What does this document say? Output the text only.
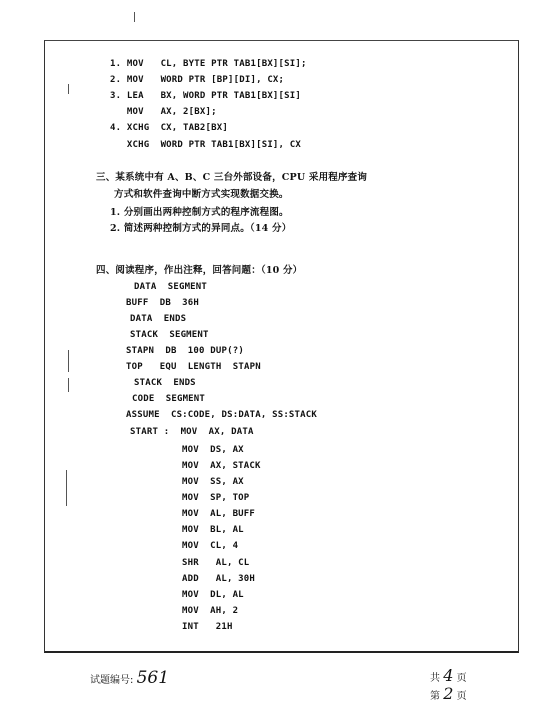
1. MOV   CL, BYTE PTR TAB1[BX][SI];
2. MOV   WORD PTR [BP][DI], CX;
3. LEA   BX, WORD PTR TAB1[BX][SI]
MOV   AX, 2[BX];
4. XCHG  CX, TAB2[BX]
XCHG  WORD PTR TAB1[BX][SI], CX
三、某系统中有 A、B、C 三台外部设备，CPU 采用程序查询
方式和软件查询中断方式实现数据交换。
1. 分别画出两种控制方式的程序流程图。
2. 简述两种控制方式的异同点。（14 分）
四、阅读程序，作出注释，回答问题：（10 分）
DATA  SEGMENT
BUFF  DB  36H
DATA  ENDS
STACK  SEGMENT
STAPN  DB  100 DUP(?)
TOP   EQU  LENGTH  STAPN
STACK  ENDS
CODE  SEGMENT
ASSUME  CS:CODE, DS:DATA, SS:STACK
START :  MOV  AX, DATA
MOV  DS, AX
MOV  AX, STACK
MOV  SS, AX
MOV  SP, TOP
MOV  AL, BUFF
MOV  BL, AL
MOV  CL, 4
SHR   AL, CL
ADD   AL, 30H
MOV  DL, AL
MOV  AH, 2
INT   21H
试题编号: 561	共 4 页
第 2 页
